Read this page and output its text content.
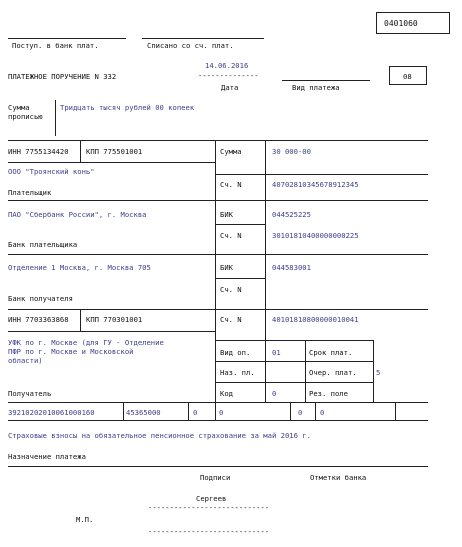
0401060
Поступ. в банк плат.	Списано со сч. плат.
14.06.2016
ПЛАТЕЖНОЕ ПОРУЧЕНИЕ N 332	--------------
Дата	Вид платежа
08
Сумма
прописью
Тридцать тысяч рублей 00 копеек
ИНН 7755134420 КПП 775501001	Сумма	30 000-00
ООО "Троянский конь"
Сч. N	40702810345678912345
Плательщик
ПАО "Сбербанк России", г. Москва	БИК	044525225
Сч. N	30101810400000000225
Банк плательщика
Отделение 1 Москва, г. Москва 705	БИК	044583001
Сч. N
Банк получателя
ИНН 7703363868 КПП 770301001	Сч. N	40101810800000010041
УФК по г. Москве (для ГУ - Отделение
ПФР по г. Москве и Московской
области)
Получатель
Вид оп.	01	Срок плат.
Наз. пл.	Очер. плат.	5
Код	0	Рез. поле
39210202010061000160	45365000	0	0	0 0
Страховые взносы на обязательное пенсионное страхование за май 2016 г.
Назначение платежа
Подписи	Отметки банка
Сергеев
----------------------------
М.П.
----------------------------
